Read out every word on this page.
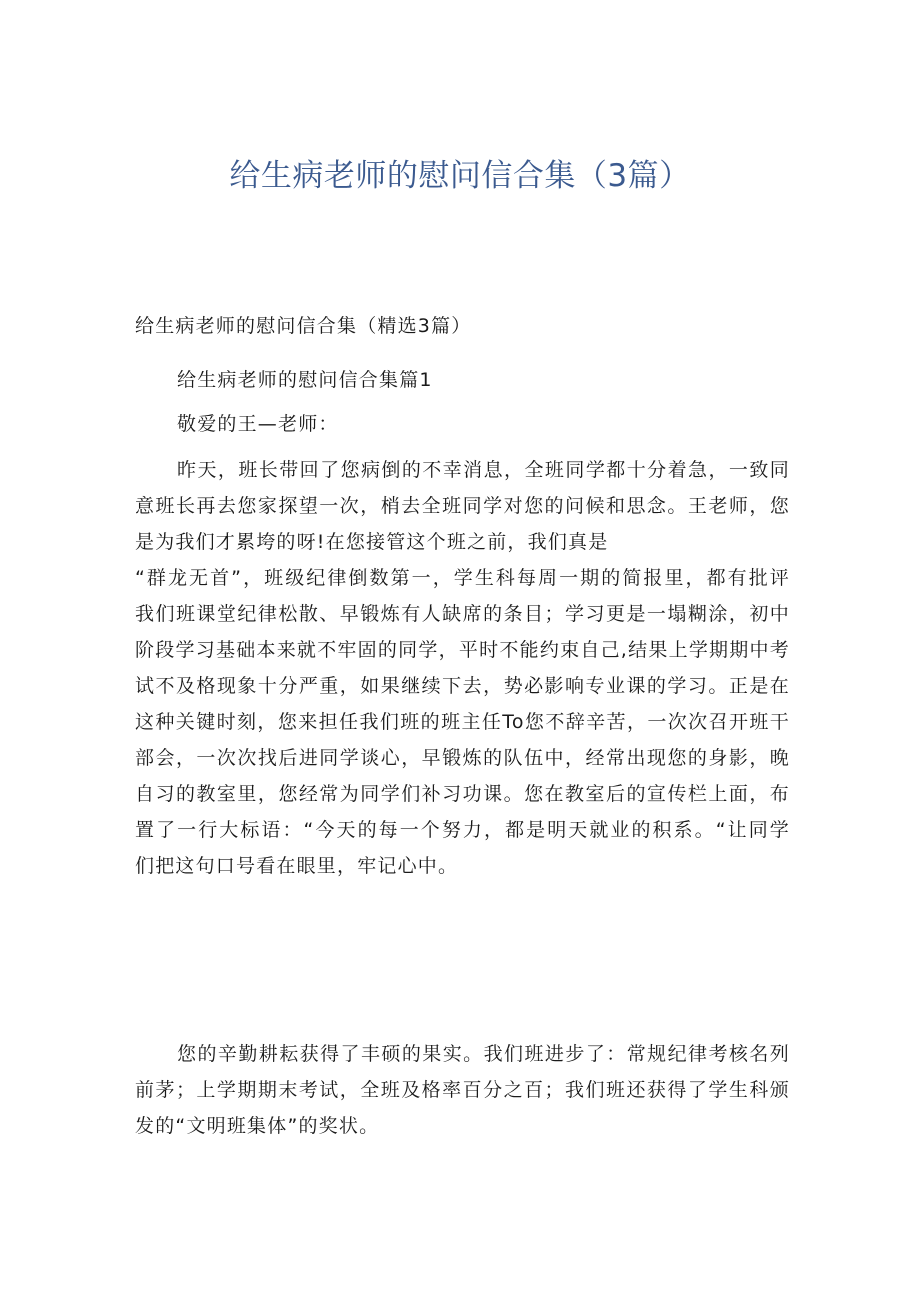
给生病老师的慰问信合集（3篇）
给生病老师的慰问信合集（精选3篇）
给生病老师的慰问信合集篇1
敬爱的王—老师：
昨天，班长带回了您病倒的不幸消息，全班同学都十分着急，一致同
意班长再去您家探望一次，梢去全班同学对您的问候和思念。王老师，您
是为我们才累垮的呀!在您接管这个班之前，我们真是
“群龙无首”，班级纪律倒数第一，学生科每周一期的简报里，都有批评
我们班课堂纪律松散、早锻炼有人缺席的条目；学习更是一塌糊涂，初中
阶段学习基础本来就不牢固的同学，平时不能约束自己,结果上学期期中考
试不及格现象十分严重，如果继续下去，势必影响专业课的学习。正是在
这种关键时刻，您来担任我们班的班主任To您不辞辛苦，一次次召开班干
部会，一次次找后进同学谈心，早锻炼的队伍中，经常出现您的身影，晚
自习的教室里，您经常为同学们补习功课。您在教室后的宣传栏上面，布
置了一行大标语：“今天的每一个努力，都是明天就业的积系。“让同学
们把这句口号看在眼里，牢记心中。
您的辛勤耕耘获得了丰硕的果实。我们班进步了：常规纪律考核名列
前茅；上学期期末考试，全班及格率百分之百；我们班还获得了学生科颁
发的“文明班集体”的奖状。
